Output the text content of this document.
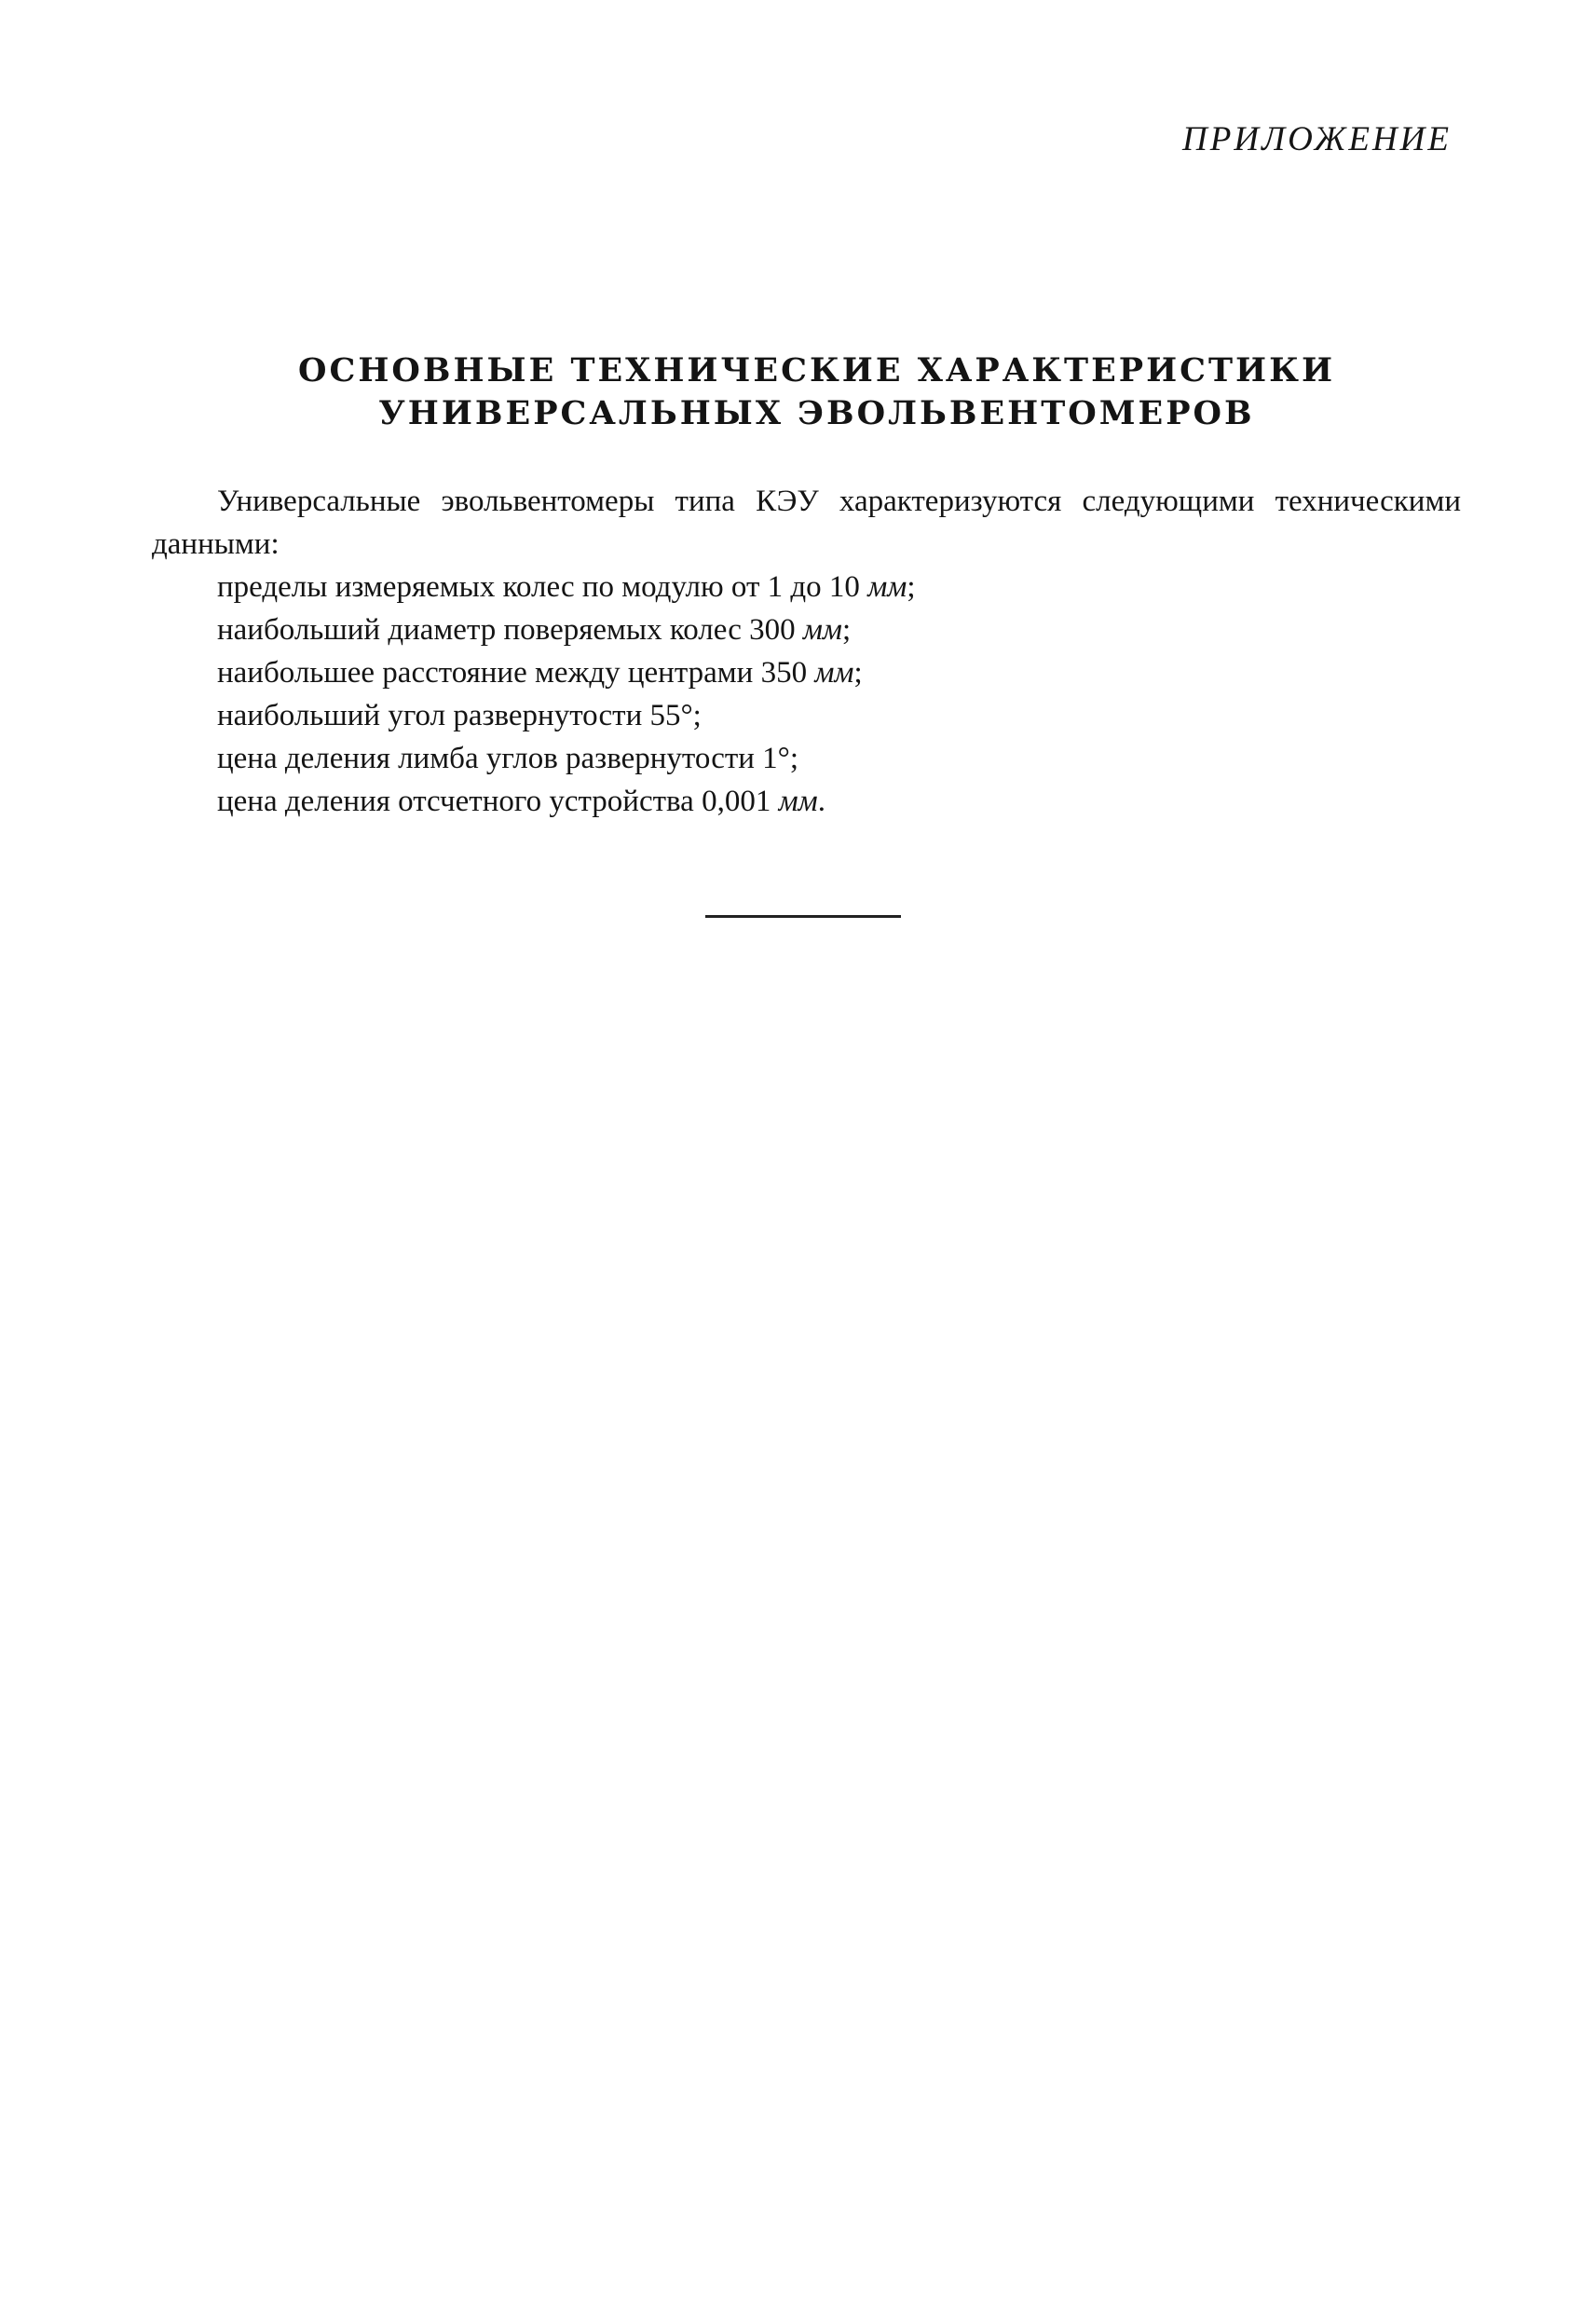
ПРИЛОЖЕНИЕ
ОСНОВНЫЕ ТЕХНИЧЕСКИЕ ХАРАКТЕРИСТИКИ
УНИВЕРСАЛЬНЫХ ЭВОЛЬВЕНТОМЕРОВ

Универсальные эвольвентомеры типа КЭУ характеризуются следующими техническими данными:

пределы измеряемых колес по модулю от 1 до 10 мм;
наибольший диаметр поверяемых колес 300 мм;
наибольшее расстояние между центрами 350 мм;
наибольший угол развернутости 55°;
цена деления лимба углов развернутости 1°;
цена деления отсчетного устройства 0,001 мм.
